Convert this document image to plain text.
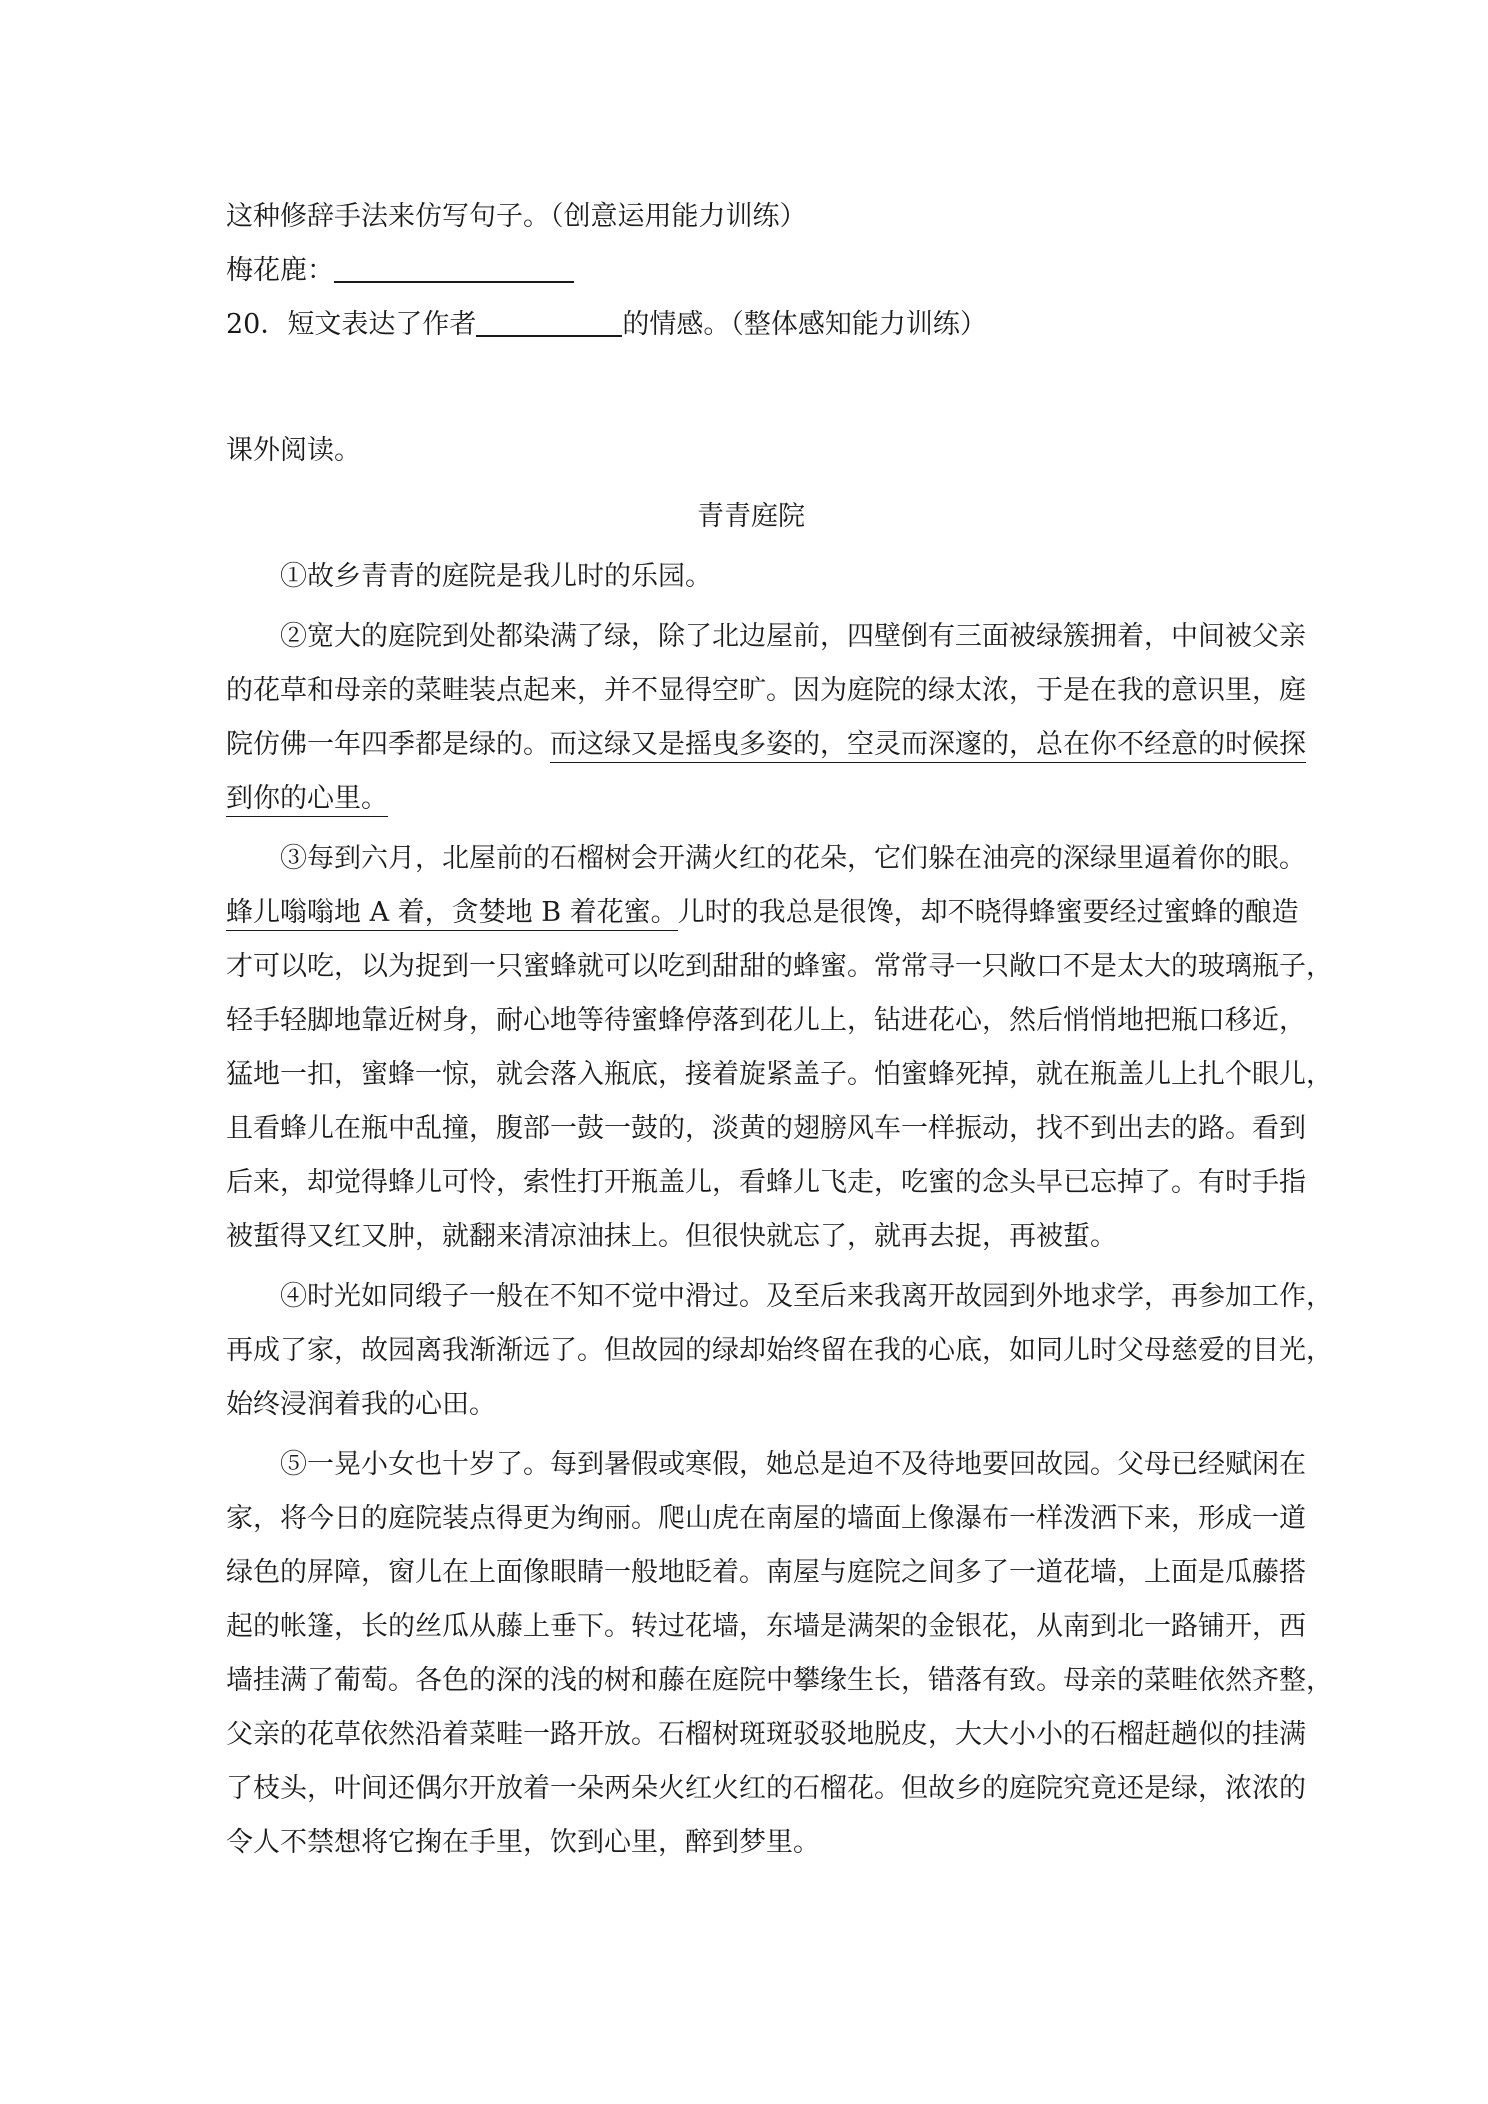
这种修辞手法来仿写句子。（创意运用能力训练）
梅花鹿：
20．短文表达了作者	的情感。（整体感知能力训练）
课外阅读。
青青庭院
①故乡青青的庭院是我儿时的乐园。
②宽大的庭院到处都染满了绿，除了北边屋前，四壁倒有三面被绿簇拥着，中间被父亲
的花草和母亲的菜畦装点起来，并不显得空旷。因为庭院的绿太浓，于是在我的意识里，庭
院仿佛一年四季都是绿的。而这绿又是摇曳多姿的，空灵而深邃的，总在你不经意的时候探
到你的心里。
③每到六月，北屋前的石榴树会开满火红的花朵，它们躲在油亮的深绿里逼着你的眼。
蜂儿嗡嗡地 A 着，贪婪地 B 着花蜜。儿时的我总是很馋，却不晓得蜂蜜要经过蜜蜂的酿造
才可以吃，以为捉到一只蜜蜂就可以吃到甜甜的蜂蜜。常常寻一只敞口不是太大的玻璃瓶子，
轻手轻脚地靠近树身，耐心地等待蜜蜂停落到花儿上，钻进花心，然后悄悄地把瓶口移近，
猛地一扣，蜜蜂一惊，就会落入瓶底，接着旋紧盖子。怕蜜蜂死掉，就在瓶盖儿上扎个眼儿，
且看蜂儿在瓶中乱撞，腹部一鼓一鼓的，淡黄的翅膀风车一样振动，找不到出去的路。看到
后来，却觉得蜂儿可怜，索性打开瓶盖儿，看蜂儿飞走，吃蜜的念头早已忘掉了。有时手指
被蜇得又红又肿，就翻来清凉油抹上。但很快就忘了，就再去捉，再被蜇。
④时光如同缎子一般在不知不觉中滑过。及至后来我离开故园到外地求学，再参加工作，
再成了家，故园离我渐渐远了。但故园的绿却始终留在我的心底，如同儿时父母慈爱的目光，
始终浸润着我的心田。
⑤一晃小女也十岁了。每到暑假或寒假，她总是迫不及待地要回故园。父母已经赋闲在
家，将今日的庭院装点得更为绚丽。爬山虎在南屋的墙面上像瀑布一样泼洒下来，形成一道
绿色的屏障，窗儿在上面像眼睛一般地眨着。南屋与庭院之间多了一道花墙，上面是瓜藤搭
起的帐篷，长的丝瓜从藤上垂下。转过花墙，东墙是满架的金银花，从南到北一路铺开，西
墙挂满了葡萄。各色的深的浅的树和藤在庭院中攀缘生长，错落有致。母亲的菜畦依然齐整，
父亲的花草依然沿着菜畦一路开放。石榴树斑斑驳驳地脱皮，大大小小的石榴赶趟似的挂满
了枝头，叶间还偶尔开放着一朵两朵火红火红的石榴花。但故乡的庭院究竟还是绿，浓浓的
令人不禁想将它掬在手里，饮到心里，醉到梦里。
